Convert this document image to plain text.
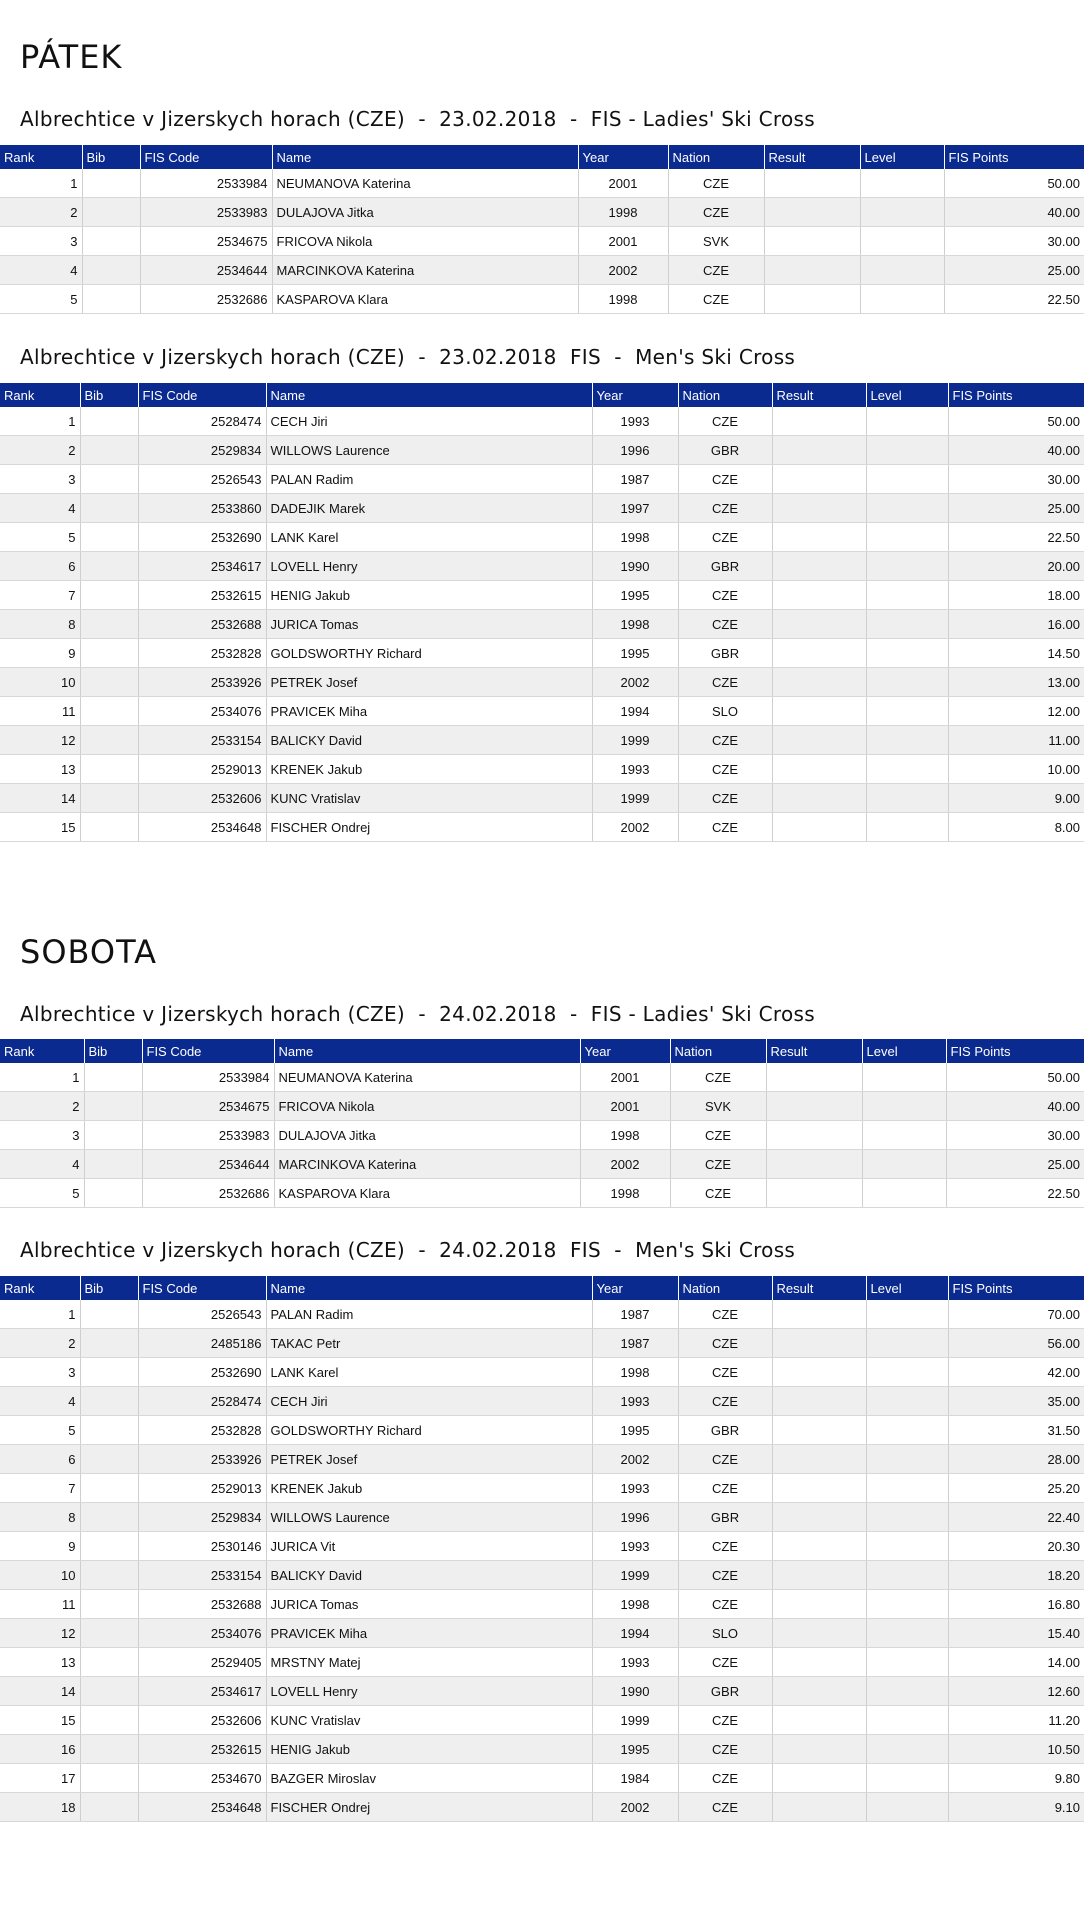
PÁTEK
Albrechtice v Jizerskych horach (CZE)  -  23.02.2018  -  FIS - Ladies' Ski Cross
Rank	Bib	FIS Code	Name	Year	Nation	Result	Level	FIS Points
1		2533984	NEUMANOVA Katerina	2001	CZE			50.00
2		2533983	DULAJOVA Jitka	1998	CZE			40.00
3		2534675	FRICOVA Nikola	2001	SVK			30.00
4		2534644	MARCINKOVA Katerina	2002	CZE			25.00
5		2532686	KASPAROVA Klara	1998	CZE			22.50
Albrechtice v Jizerskych horach (CZE)  -  23.02.2018  FIS  -  Men's Ski Cross
Rank	Bib	FIS Code	Name	Year	Nation	Result	Level	FIS Points
1		2528474	CECH Jiri	1993	CZE			50.00
2		2529834	WILLOWS Laurence	1996	GBR			40.00
3		2526543	PALAN Radim	1987	CZE			30.00
4		2533860	DADEJIK Marek	1997	CZE			25.00
5		2532690	LANK Karel	1998	CZE			22.50
6		2534617	LOVELL Henry	1990	GBR			20.00
7		2532615	HENIG Jakub	1995	CZE			18.00
8		2532688	JURICA Tomas	1998	CZE			16.00
9		2532828	GOLDSWORTHY Richard	1995	GBR			14.50
10		2533926	PETREK Josef	2002	CZE			13.00
11		2534076	PRAVICEK Miha	1994	SLO			12.00
12		2533154	BALICKY David	1999	CZE			11.00
13		2529013	KRENEK Jakub	1993	CZE			10.00
14		2532606	KUNC Vratislav	1999	CZE			9.00
15		2534648	FISCHER Ondrej	2002	CZE			8.00
SOBOTA
Albrechtice v Jizerskych horach (CZE)  -  24.02.2018  -  FIS - Ladies' Ski Cross
Rank	Bib	FIS Code	Name	Year	Nation	Result	Level	FIS Points
1		2533984	NEUMANOVA Katerina	2001	CZE			50.00
2		2534675	FRICOVA Nikola	2001	SVK			40.00
3		2533983	DULAJOVA Jitka	1998	CZE			30.00
4		2534644	MARCINKOVA Katerina	2002	CZE			25.00
5		2532686	KASPAROVA Klara	1998	CZE			22.50
Albrechtice v Jizerskych horach (CZE)  -  24.02.2018  FIS  -  Men's Ski Cross
Rank	Bib	FIS Code	Name	Year	Nation	Result	Level	FIS Points
1		2526543	PALAN Radim	1987	CZE			70.00
2		2485186	TAKAC Petr	1987	CZE			56.00
3		2532690	LANK Karel	1998	CZE			42.00
4		2528474	CECH Jiri	1993	CZE			35.00
5		2532828	GOLDSWORTHY Richard	1995	GBR			31.50
6		2533926	PETREK Josef	2002	CZE			28.00
7		2529013	KRENEK Jakub	1993	CZE			25.20
8		2529834	WILLOWS Laurence	1996	GBR			22.40
9		2530146	JURICA Vit	1993	CZE			20.30
10		2533154	BALICKY David	1999	CZE			18.20
11		2532688	JURICA Tomas	1998	CZE			16.80
12		2534076	PRAVICEK Miha	1994	SLO			15.40
13		2529405	MRSTNY Matej	1993	CZE			14.00
14		2534617	LOVELL Henry	1990	GBR			12.60
15		2532606	KUNC Vratislav	1999	CZE			11.20
16		2532615	HENIG Jakub	1995	CZE			10.50
17		2534670	BAZGER Miroslav	1984	CZE			9.80
18		2534648	FISCHER Ondrej	2002	CZE			9.10
